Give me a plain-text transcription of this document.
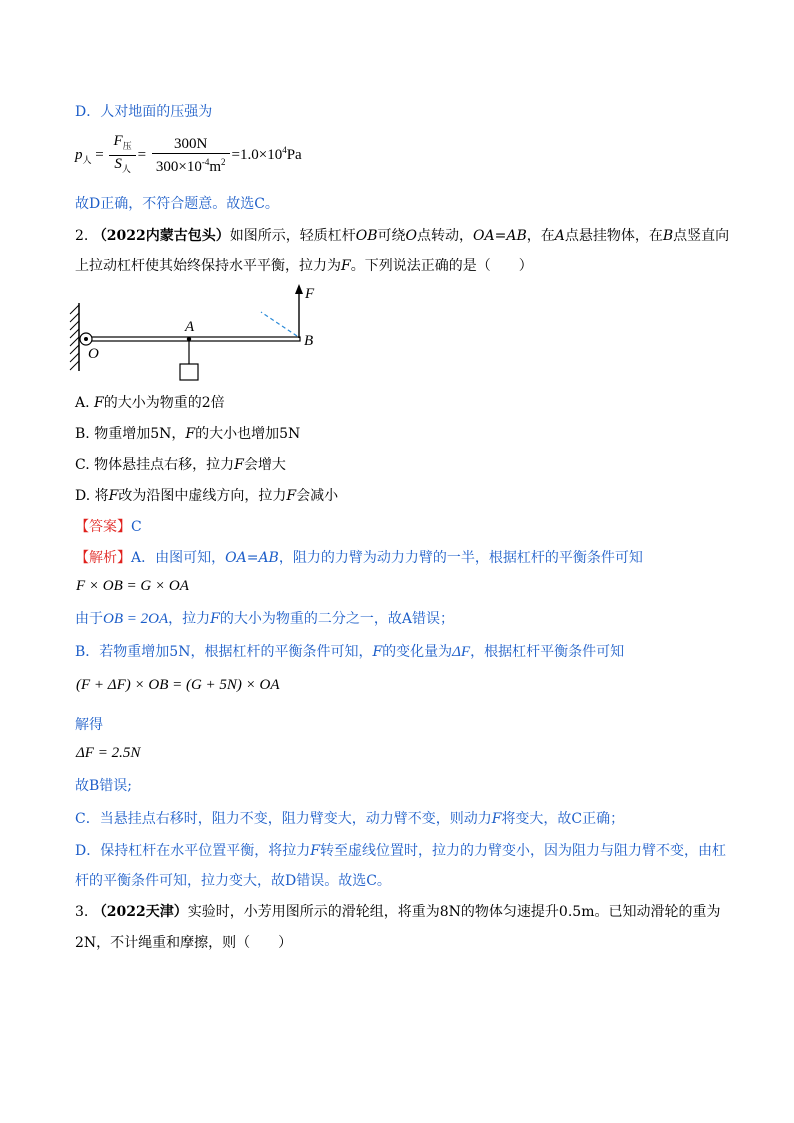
D．人对地面的压强为
$p_人 = \frac{F_压}{S_人} = \frac{300N}{300\times 10^{-4}m^2} =1.0\times 10^4Pa$
故D正确，不符合题意。故选C。
2. （2022内蒙古包头）如图所示，轻质杠杆OB可绕O点转动，OA=AB，在A点悬挂物体，在B点竖直向
上拉动杠杆使其始终保持水平平衡，拉力为F。下列说法正确的是（　　）
O
A
B
F
A. F的大小为物重的2倍
B. 物重增加5N，F的大小也增加5N
C. 物体悬挂点右移，拉力F会增大
D. 将F改为沿图中虚线方向，拉力F会减小
【答案】C
【解析】A．由图可知，OA=AB，阻力的力臂为动力力臂的一半，根据杠杆的平衡条件可知
F × OB = G × OA
由于OB = 2OA，拉力F的大小为物重的二分之一，故A错误；
B．若物重增加5N，根据杠杆的平衡条件可知，F的变化量为ΔF，根据杠杆平衡条件可知
(F + ΔF) × OB = (G + 5N) × OA
解得
ΔF = 2.5N
故B错误;
C．当悬挂点右移时，阻力不变，阻力臂变大，动力臂不变，则动力F将变大，故C正确；
D．保持杠杆在水平位置平衡，将拉力F转至虚线位置时，拉力的力臂变小，因为阻力与阻力臂不变，由杠
杆的平衡条件可知，拉力变大，故D错误。故选C。
3. （2022天津）实验时，小芳用图所示的滑轮组，将重为8N的物体匀速提升0.5m。已知动滑轮的重为
2N，不计绳重和摩擦，则（　　）
